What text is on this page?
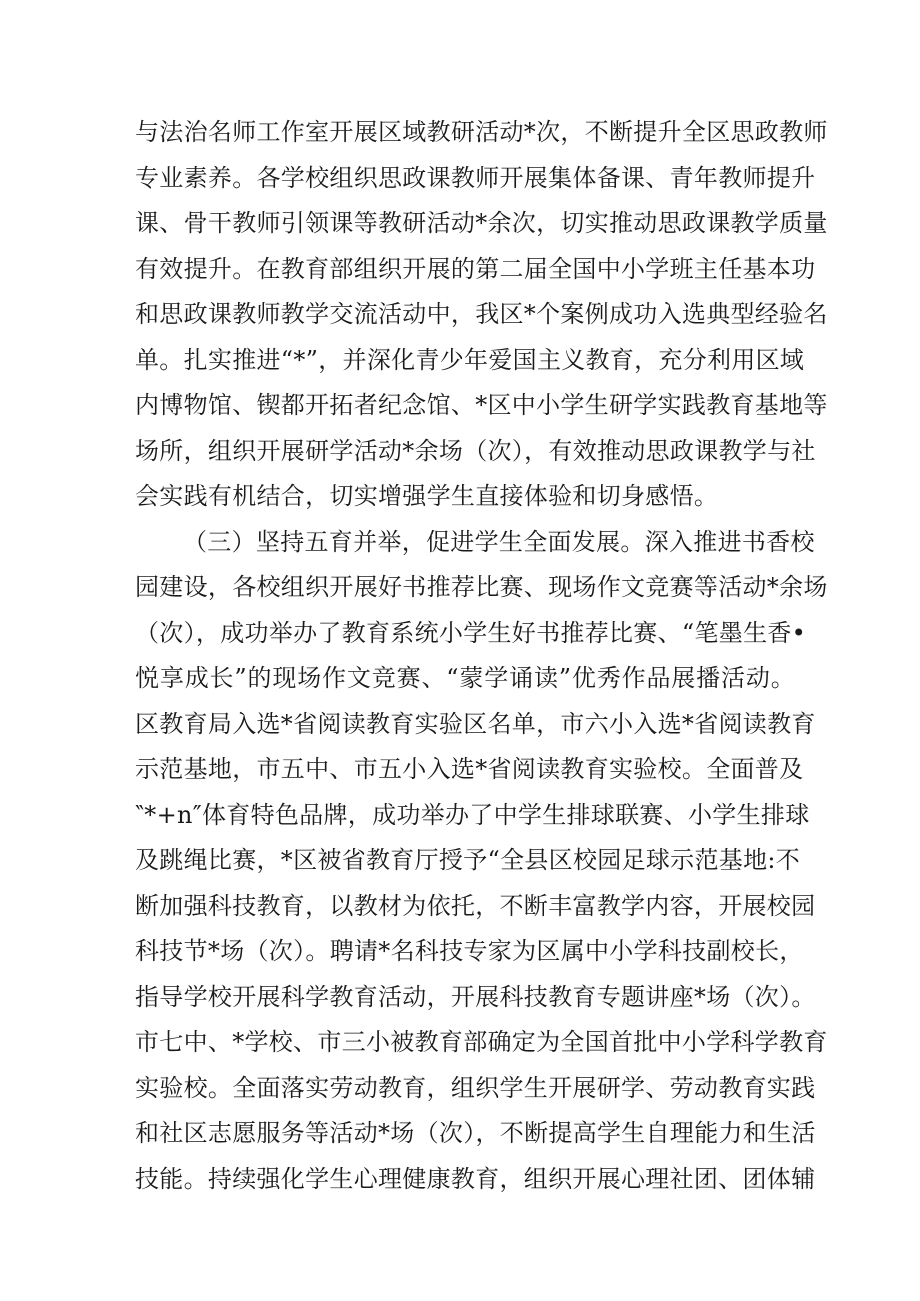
与法治名师工作室开展区域教研活动*次，不断提升全区思政教师
专业素养。各学校组织思政课教师开展集体备课、青年教师提升
课、骨干教师引领课等教研活动*余次，切实推动思政课教学质量
有效提升。在教育部组织开展的第二届全国中小学班主任基本功
和思政课教师教学交流活动中，我区*个案例成功入选典型经验名
单。扎实推进“*”，并深化青少年爱国主义教育，充分利用区域
内博物馆、锲都开拓者纪念馆、*区中小学生研学实践教育基地等
场所，组织开展研学活动*余场（次），有效推动思政课教学与社
会实践有机结合，切实增强学生直接体验和切身感悟。
（三）坚持五育并举，促进学生全面发展。深入推进书香校
园建设，各校组织开展好书推荐比赛、现场作文竞赛等活动*余场
（次），成功举办了教育系统小学生好书推荐比赛、“笔墨生香•
悦享成长”的现场作文竞赛、“蒙学诵读”优秀作品展播活动。
区教育局入选*省阅读教育实验区名单，市六小入选*省阅读教育
示范基地，市五中、市五小入选*省阅读教育实验校。全面普及
‶*+n″体育特色品牌，成功举办了中学生排球联赛、小学生排球
及跳绳比赛，*区被省教育厅授予“全县区校园足球示范基地:不
断加强科技教育，以教材为依托，不断丰富教学内容，开展校园
科技节*场（次）。聘请*名科技专家为区属中小学科技副校长，
指导学校开展科学教育活动，开展科技教育专题讲座*场（次）。
市七中、*学校、市三小被教育部确定为全国首批中小学科学教育
实验校。全面落实劳动教育，组织学生开展研学、劳动教育实践
和社区志愿服务等活动*场（次），不断提高学生自理能力和生活
技能。持续强化学生心理健康教育，组织开展心理社团、团体辅
